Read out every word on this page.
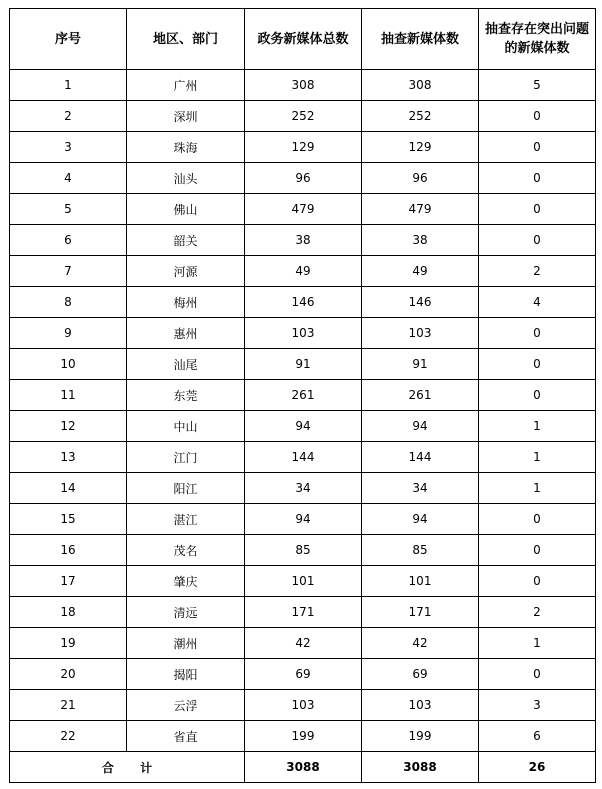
序号	地区、部门	政务新媒体总数	抽查新媒体数	抽查存在突出问题的新媒体数
1	广州	308	308	5
2	深圳	252	252	0
3	珠海	129	129	0
4	汕头	96	96	0
5	佛山	479	479	0
6	韶关	38	38	0
7	河源	49	49	2
8	梅州	146	146	4
9	惠州	103	103	0
10	汕尾	91	91	0
11	东莞	261	261	0
12	中山	94	94	1
13	江门	144	144	1
14	阳江	34	34	1
15	湛江	94	94	0
16	茂名	85	85	0
17	肇庆	101	101	0
18	清远	171	171	2
19	潮州	42	42	1
20	揭阳	69	69	0
21	云浮	103	103	3
22	省直	199	199	6
合 计		3088	3088	26
